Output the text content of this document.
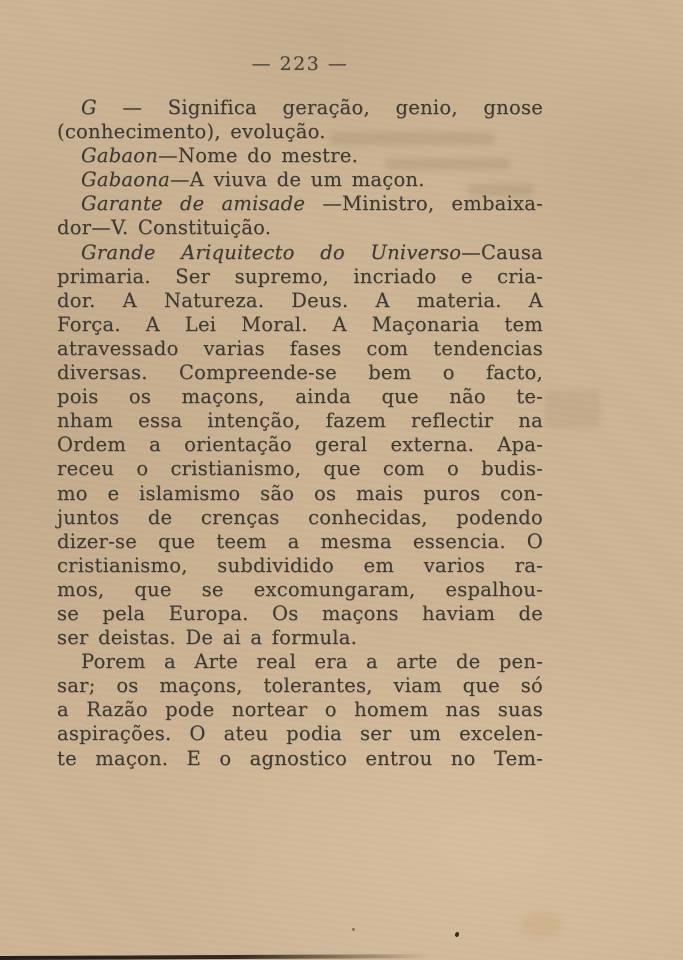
— 223 —
G — Significa geração, genio, gnose
(conhecimento), evolução.
Gabaon—Nome do mestre.
Gabaona—A viuva de um maçon.
Garante de amisade —Ministro, embaixa-
dor—V. Constituição.
Grande Ariquitecto do Universo—Causa
primaria. Ser supremo, incriado e cria-
dor. A Natureza. Deus. A materia. A
Força. A Lei Moral. A Maçonaria tem
atravessado varias fases com tendencias
diversas. Compreende-se bem o facto,
pois os maçons, ainda que não te-
nham essa intenção, fazem reflectir na
Ordem a orientação geral externa. Apa-
receu o cristianismo, que com o budis-
mo e islamismo são os mais puros con-
juntos de crenças conhecidas, podendo
dizer-se que teem a mesma essencia. O
cristianismo, subdividido em varios ra-
mos, que se excomungaram, espalhou-
se pela Europa. Os maçons haviam de
ser deistas. De ai a formula.
Porem a Arte real era a arte de pen-
sar; os maçons, tolerantes, viam que só
a Razão pode nortear o homem nas suas
aspirações. O ateu podia ser um excelen-
te maçon. E o agnostico entrou no Tem-
